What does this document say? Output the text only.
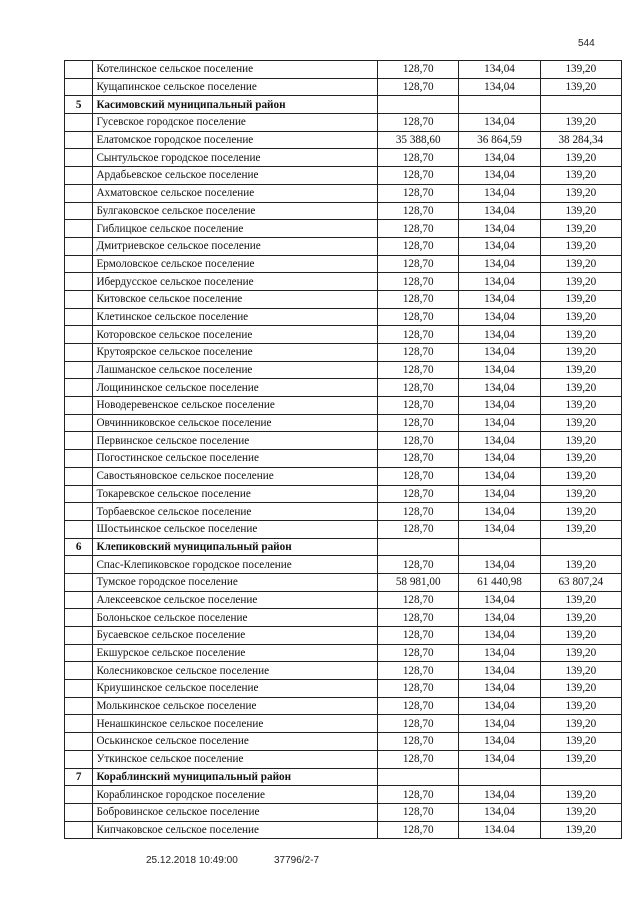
544
	Котелинское сельское поселение	128,70	134,04	139,20
	Кущапинское сельское поселение	128,70	134,04	139,20
5	Касимовский муниципальный район			
	Гусевское городское поселение	128,70	134,04	139,20
	Елатомское городское поселение	35 388,60	36 864,59	38 284,34
	Сынтульское городское поселение	128,70	134,04	139,20
	Ардабьевское сельское поселение	128,70	134,04	139,20
	Ахматовское сельское поселение	128,70	134,04	139,20
	Булгаковское сельское поселение	128,70	134,04	139,20
	Гиблицкое сельское поселение	128,70	134,04	139,20
	Дмитриевское сельское поселение	128,70	134,04	139,20
	Ермоловское сельское поселение	128,70	134,04	139,20
	Ибердусское сельское поселение	128,70	134,04	139,20
	Китовское сельское поселение	128,70	134,04	139,20
	Клетинское сельское поселение	128,70	134,04	139,20
	Которовское сельское поселение	128,70	134,04	139,20
	Крутоярское сельское поселение	128,70	134,04	139,20
	Лашманское сельское поселение	128,70	134,04	139,20
	Лощининское сельское поселение	128,70	134,04	139,20
	Новодеревенское сельское поселение	128,70	134,04	139,20
	Овчинниковское сельское поселение	128,70	134,04	139,20
	Первинское сельское поселение	128,70	134,04	139,20
	Погостинское сельское поселение	128,70	134,04	139,20
	Савостьяновское сельское поселение	128,70	134,04	139,20
	Токаревское сельское поселение	128,70	134,04	139,20
	Торбаевское сельское поселение	128,70	134,04	139,20
	Шостьинское сельское поселение	128,70	134,04	139,20
6	Клепиковский муниципальный район			
	Спас-Клепиковское городское поселение	128,70	134,04	139,20
	Тумское городское поселение	58 981,00	61 440,98	63 807,24
	Алексеевское сельское поселение	128,70	134,04	139,20
	Болоньское сельское поселение	128,70	134,04	139,20
	Бусаевское сельское поселение	128,70	134,04	139,20
	Екшурское сельское поселение	128,70	134,04	139,20
	Колесниковское сельское поселение	128,70	134,04	139,20
	Криушинское сельское поселение	128,70	134,04	139,20
	Молькинское сельское поселение	128,70	134,04	139,20
	Ненашкинское сельское поселение	128,70	134,04	139,20
	Оськинское сельское поселение	128,70	134,04	139,20
	Уткинское сельское поселение	128,70	134,04	139,20
7	Кораблинский муниципальный район			
	Кораблинское городское поселение	128,70	134,04	139,20
	Бобровинское сельское поселение	128,70	134,04	139,20
	Кипчаковское сельское поселение	128,70	134.04	139,20
25.12.2018 10:49:00	37796/2-7
